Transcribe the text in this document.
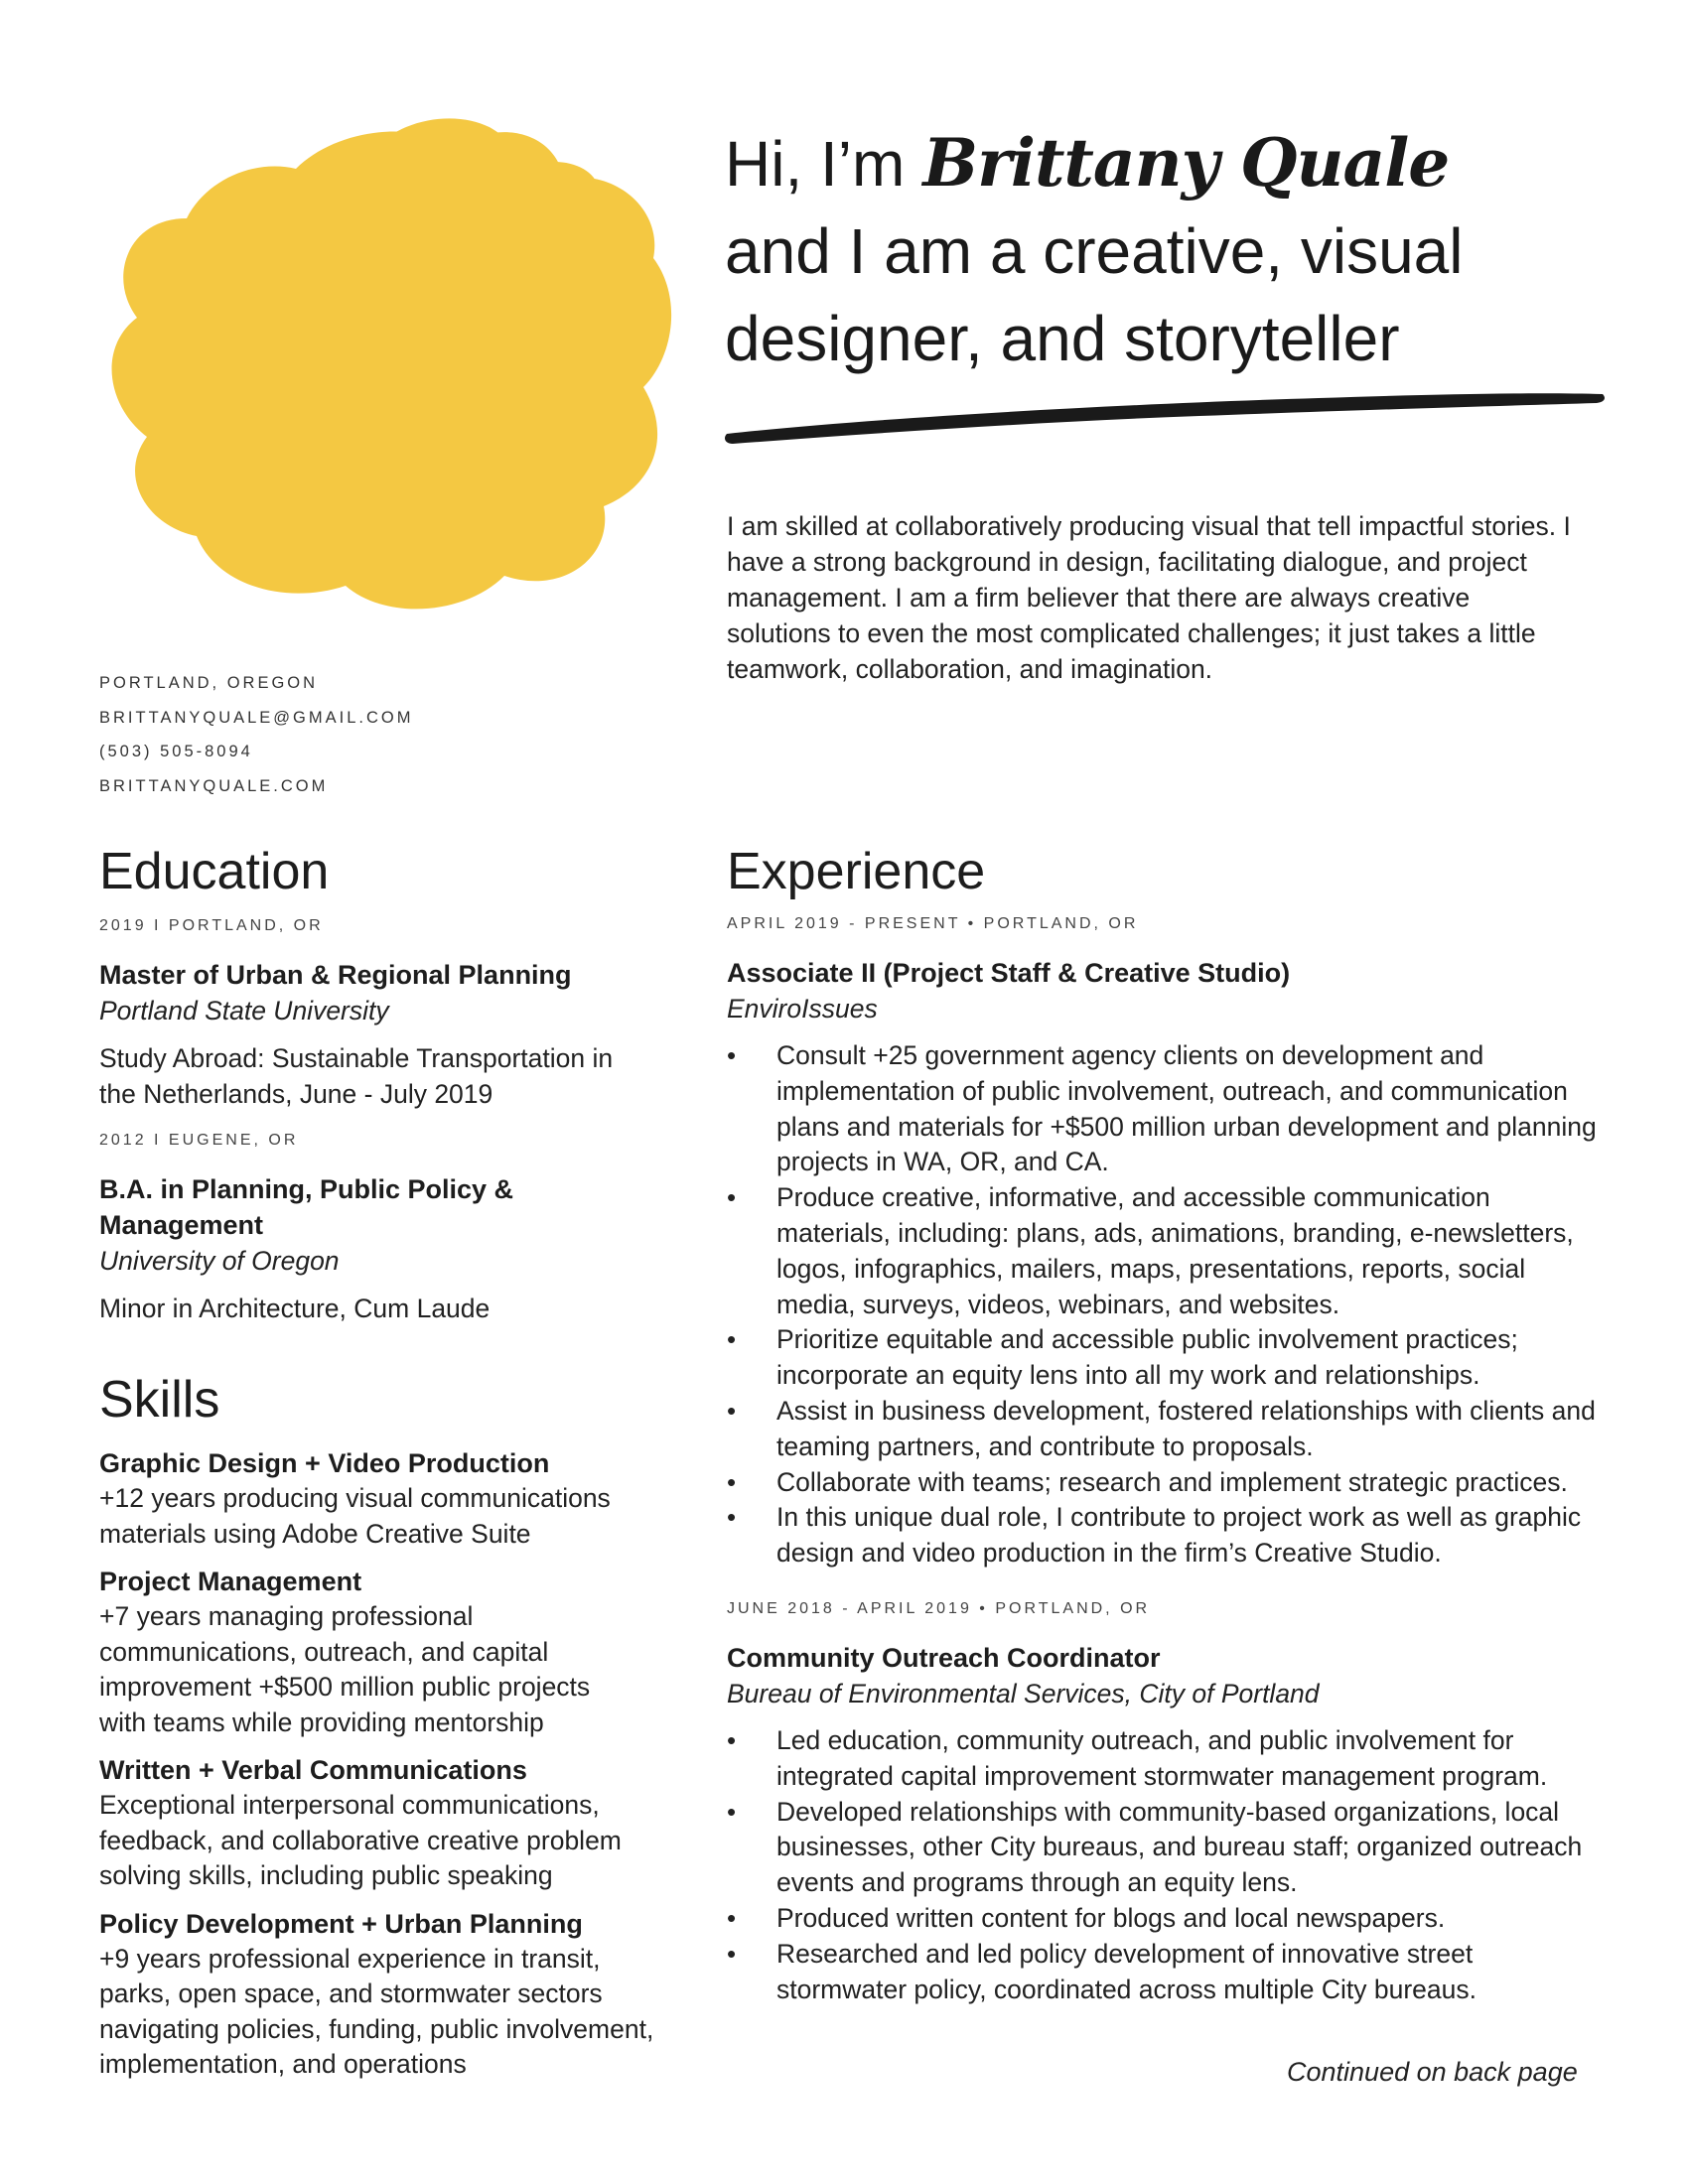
Hi, I’m Brittany Quale
and I am a creative, visual
designer, and storyteller
I am skilled at collaboratively producing visual that tell impactful stories. I have a strong background in design, facilitating dialogue, and project management. I am a firm believer that there are always creative solutions to even the most complicated challenges; it just takes a little teamwork, collaboration, and imagination.
PORTLAND, OREGON
BRITTANYQUALE@GMAIL.COM
(503) 505-8094
BRITTANYQUALE.COM
Education
2019 I PORTLAND, OR
Master of Urban & Regional Planning
Portland State University
Study Abroad: Sustainable Transportation in the Netherlands, June - July 2019
2012 I EUGENE, OR
B.A. in Planning, Public Policy & Management
University of Oregon
Minor in Architecture, Cum Laude
Skills
Graphic Design + Video Production
+12 years producing visual communications materials using Adobe Creative Suite
Project Management
+7 years managing professional communications, outreach, and capital improvement +$500 million public projects with teams while providing mentorship
Written + Verbal Communications
Exceptional interpersonal communications, feedback, and collaborative creative problem solving skills, including public speaking
Policy Development + Urban Planning
+9 years professional experience in transit, parks, open space, and stormwater sectors navigating policies, funding, public involvement, implementation, and operations
Experience
APRIL 2019 - PRESENT • PORTLAND, OR
Associate II (Project Staff & Creative Studio)
EnviroIssues
• Consult +25 government agency clients on development and implementation of public involvement, outreach, and communication plans and materials for +$500 million urban development and planning projects in WA, OR, and CA.
• Produce creative, informative, and accessible communication materials, including: plans, ads, animations, branding, e-newsletters, logos, infographics, mailers, maps, presentations, reports, social media, surveys, videos, webinars, and websites.
• Prioritize equitable and accessible public involvement practices; incorporate an equity lens into all my work and relationships.
• Assist in business development, fostered relationships with clients and teaming partners, and contribute to proposals.
• Collaborate with teams; research and implement strategic practices.
• In this unique dual role, I contribute to project work as well as graphic design and video production in the firm’s Creative Studio.
JUNE 2018 - APRIL 2019 • PORTLAND, OR
Community Outreach Coordinator
Bureau of Environmental Services, City of Portland
• Led education, community outreach, and public involvement for integrated capital improvement stormwater management program.
• Developed relationships with community-based organizations, local businesses, other City bureaus, and bureau staff; organized outreach events and programs through an equity lens.
• Produced written content for blogs and local newspapers.
• Researched and led policy development of innovative street stormwater policy, coordinated across multiple City bureaus.
Continued on back page
